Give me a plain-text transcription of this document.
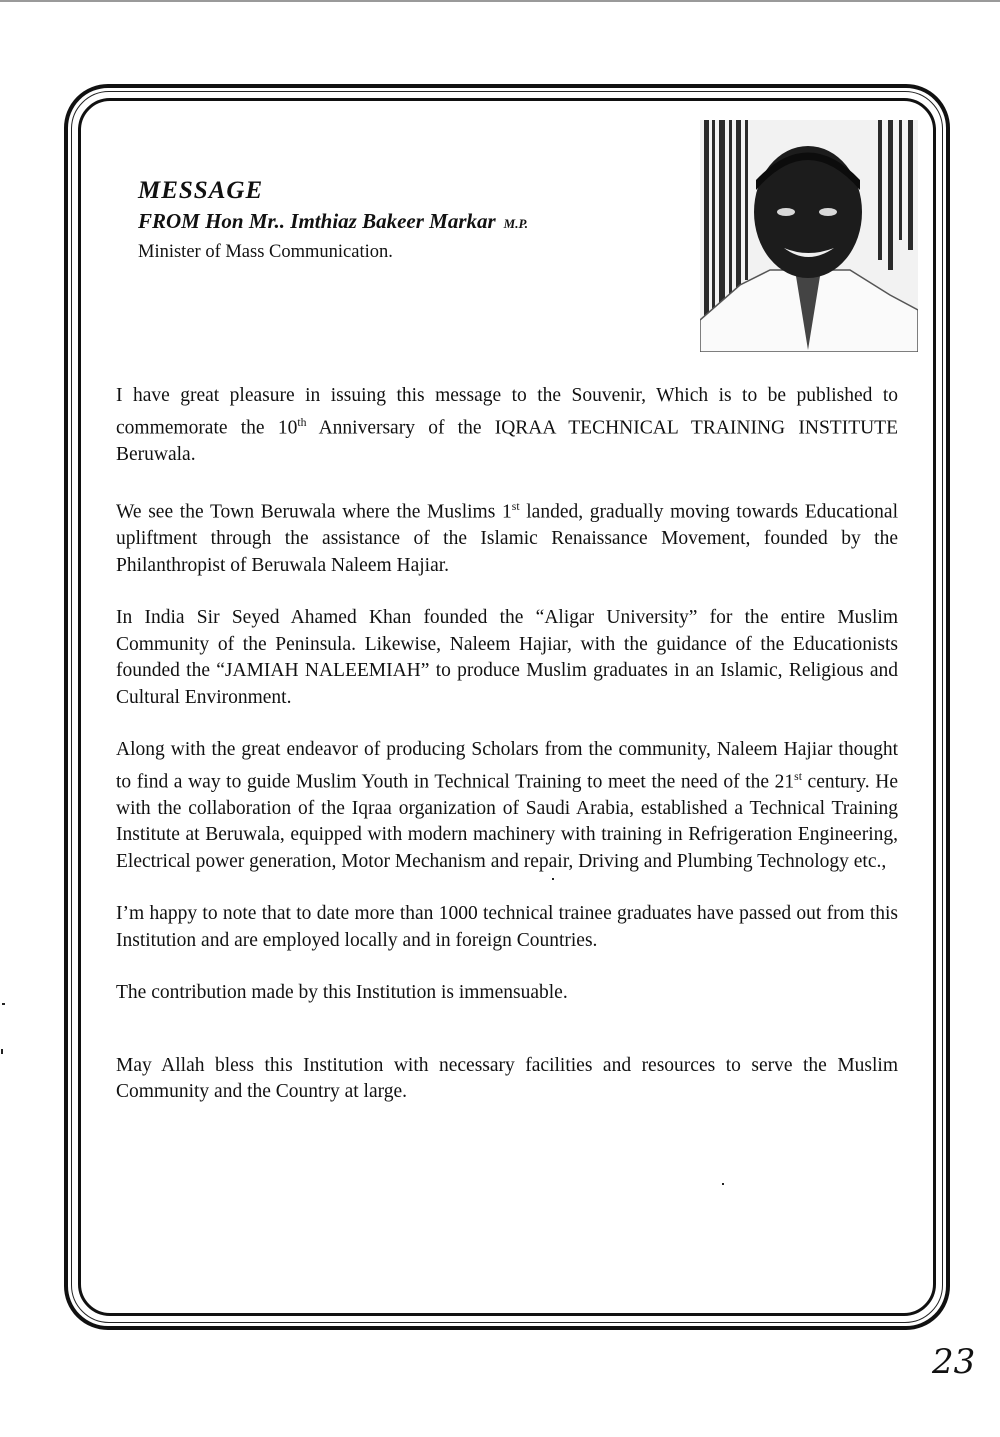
MESSAGE
FROM Hon Mr.. Imthiaz Bakeer Markar M.P.
Minister of Mass Communication.

I have great pleasure in issuing this message to the Souvenir, Which is to be published to commemorate the 10th Anniversary of the IQRAA TECHNICAL TRAINING INSTITUTE Beruwala.

We see the Town Beruwala where the Muslims 1st landed, gradually moving towards Educational upliftment through the assistance of the Islamic Renaissance Movement, founded by the Philanthropist of Beruwala Naleem Hajiar.

In India Sir Seyed Ahamed Khan founded the “Aligar University” for the entire Muslim Community of the Peninsula. Likewise, Naleem Hajiar, with the guidance of the Educationists founded the “JAMIAH NALEEMIAH” to produce Muslim graduates in an Islamic, Religious and Cultural Environment.

Along with the great endeavor of producing Scholars from the community, Naleem Hajiar thought to find a way to guide Muslim Youth in Technical Training to meet the need of the 21st century. He with the collaboration of the Iqraa organization of Saudi Arabia, established a Technical Training Institute at Beruwala, equipped with modern machinery with training in Refrigeration Engineering, Electrical power generation, Motor Mechanism and repair, Driving and Plumbing Technology etc.,

I’m happy to note that to date more than 1000 technical trainee graduates have passed out from this Institution and are employed locally and in foreign Countries.

The contribution made by this Institution is immensuable.

May Allah bless this Institution with necessary facilities and resources to serve the Muslim Community and the Country at large.

23
